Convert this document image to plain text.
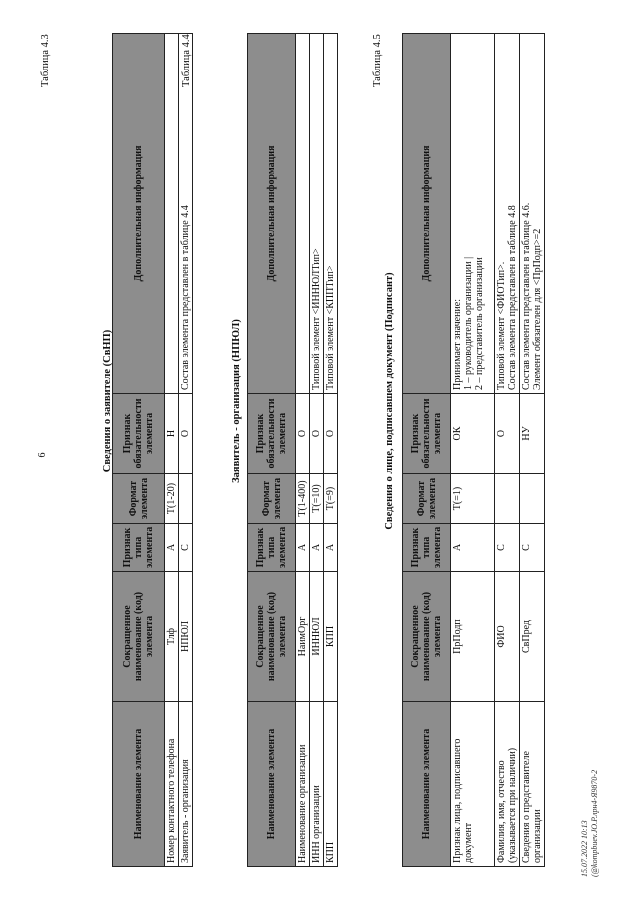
6
Таблица 4.3
Сведения о заявителе (СвНП)
Наименование элемента	Сокращенное наименование (код) элемента	Признак типа элемента	Формат элемента	Признак обязательности элемента	Дополнительная информация
Номер контактного телефона	Тлф	А	T(1-20)	Н	
Заявитель - организация	НПЮЛ	С		О	Состав элемента представлен в таблице 4.4
Таблица 4.4
Заявитель - организация (НПЮЛ)
Наименование элемента	Сокращенное наименование (код) элемента	Признак типа элемента	Формат элемента	Признак обязательности элемента	Дополнительная информация
Наименование организации	НаимОрг	А	T(1-400)	О	
ИНН организации	ИННЮЛ	А	T(=10)	О	Типовой элемент <ИННЮЛТип>
КПП	КПП	А	T(=9)	О	Типовой элемент <КППТип>
Таблица 4.5
Сведения о лице, подписавшем документ (Подписант)
Наименование элемента	Сокращенное наименование (код) элемента	Признак типа элемента	Формат элемента	Признак обязательности элемента	Дополнительная информация
Признак лица, подписавшего документ	ПрПодп	А	T(=1)	ОК	Принимает значение: 1 – руководитель организации | 2 – представитель организации

Фамилия, имя, отчество (указывается при наличии)	ФИО	С		О	Типовой элемент <ФИОТип>. Состав элемента представлен в таблице 4.8

Сведения о представителе организации	СвПред	С		НУ	Состав элемента представлен в таблице 4.6. Элемент обязателен для <ПрПодп>=2
15.07.2022 10:13 (@kompbuev.JO.P.лрн4-Я9870-2
